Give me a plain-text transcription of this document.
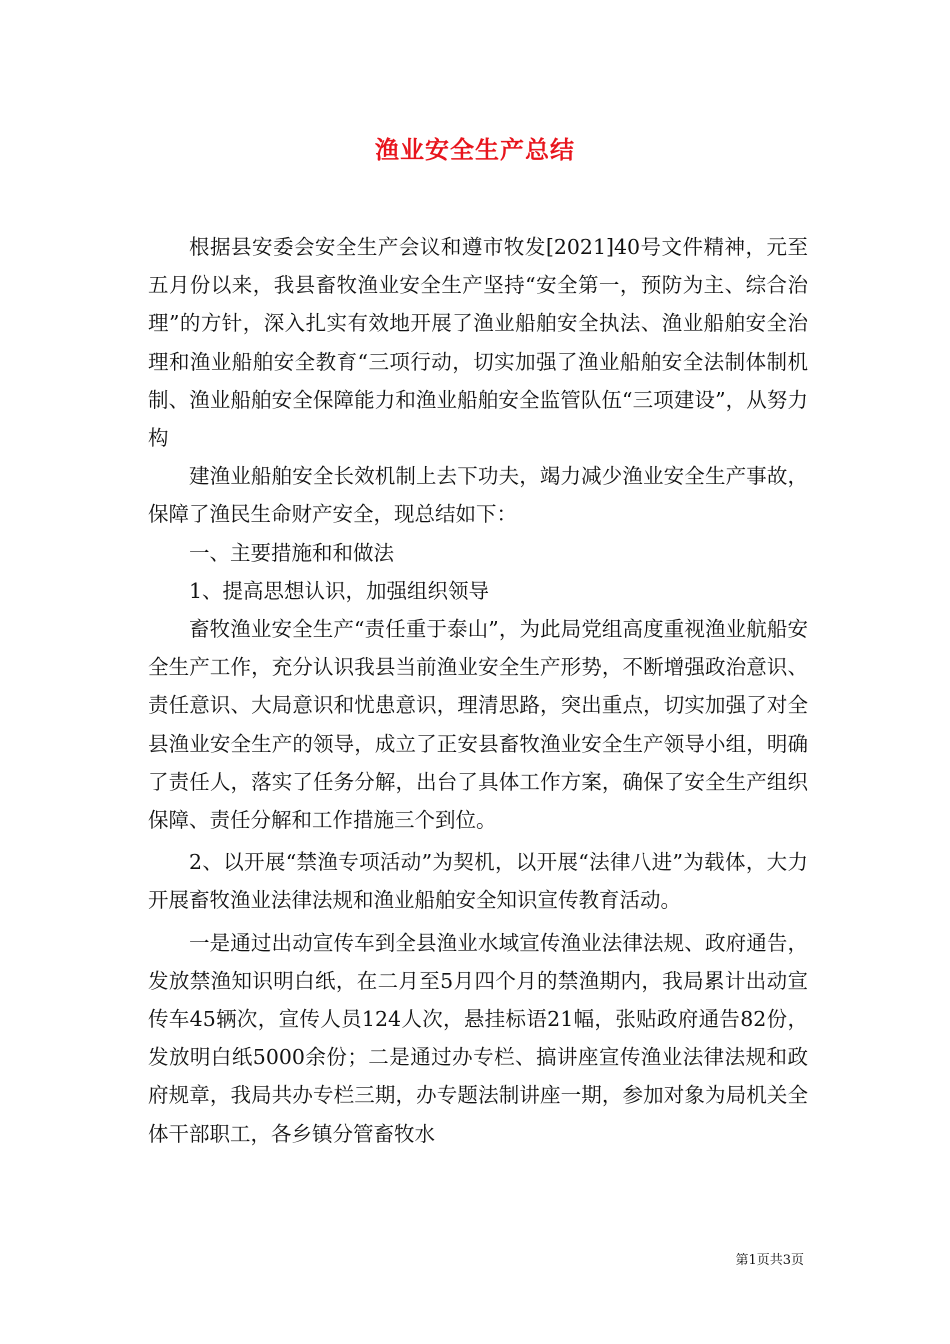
渔业安全生产总结

根据县安委会安全生产会议和遵市牧发[2021]40号文件精神，元至五月份以来，我县畜牧渔业安全生产坚持“安全第一，预防为主、综合治理”的方针，深入扎实有效地开展了渔业船舶安全执法、渔业船舶安全治理和渔业船舶安全教育“三项行动，切实加强了渔业船舶安全法制体制机制、渔业船舶安全保障能力和渔业船舶安全监管队伍“三项建设”，从努力构

建渔业船舶安全长效机制上去下功夫，竭力减少渔业安全生产事故，保障了渔民生命财产安全，现总结如下：

一、主要措施和和做法

1、提高思想认识，加强组织领导

畜牧渔业安全生产“责任重于泰山”，为此局党组高度重视渔业航船安全生产工作，充分认识我县当前渔业安全生产形势，不断增强政治意识、责任意识、大局意识和忧患意识，理清思路，突出重点，切实加强了对全县渔业安全生产的领导，成立了正安县畜牧渔业安全生产领导小组，明确了责任人，落实了任务分解，出台了具体工作方案，确保了安全生产组织保障、责任分解和工作措施三个到位。

2、以开展“禁渔专项活动”为契机，以开展“法律八进”为载体，大力开展畜牧渔业法律法规和渔业船舶安全知识宣传教育活动。

一是通过出动宣传车到全县渔业水域宣传渔业法律法规、政府通告，发放禁渔知识明白纸，在二月至5月四个月的禁渔期内，我局累计出动宣传车45辆次，宣传人员124人次，悬挂标语21幅，张贴政府通告82份，发放明白纸5000余份；二是通过办专栏、搞讲座宣传渔业法律法规和政府规章，我局共办专栏三期，办专题法制讲座一期，参加对象为局机关全体干部职工，各乡镇分管畜牧水

第1页共3页
